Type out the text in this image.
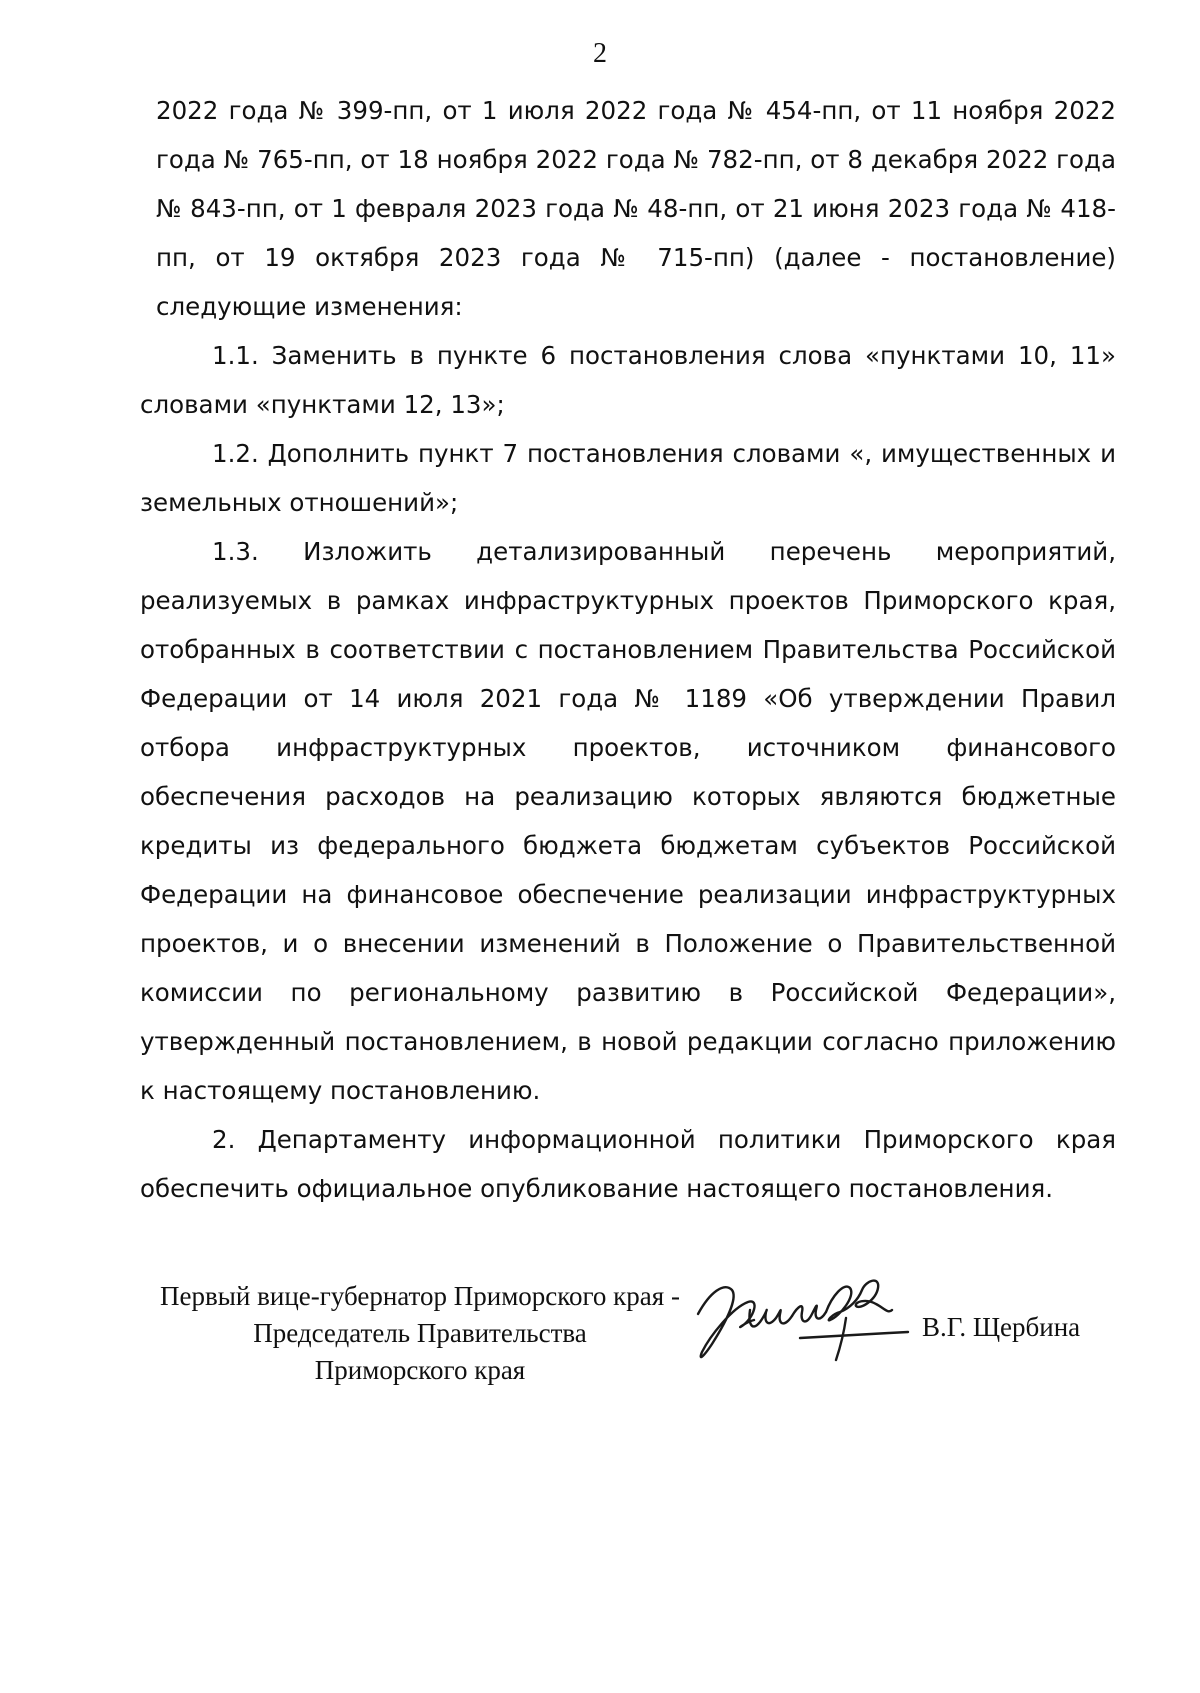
2

2022 года № 399-пп, от 1 июля 2022 года № 454-пп, от 11 ноября 2022 года № 765-пп, от 18 ноября 2022 года № 782-пп, от 8 декабря 2022 года № 843-пп, от 1 февраля 2023 года № 48-пп, от 21 июня 2023 года № 418-пп, от 19 октября 2023 года № 715-пп) (далее - постановление) следующие изменения:

1.1. Заменить в пункте 6 постановления слова «пунктами 10, 11» словами «пунктами 12, 13»;

1.2. Дополнить пункт 7 постановления словами «, имущественных и земельных отношений»;

1.3. Изложить детализированный перечень мероприятий, реализуемых в рамках инфраструктурных проектов Приморского края, отобранных в соответствии с постановлением Правительства Российской Федерации от 14 июля 2021 года № 1189 «Об утверждении Правил отбора инфраструктурных проектов, источником финансового обеспечения расходов на реализацию которых являются бюджетные кредиты из федерального бюджета бюджетам субъектов Российской Федерации на финансовое обеспечение реализации инфраструктурных проектов, и о внесении изменений в Положение о Правительственной комиссии по региональному развитию в Российской Федерации», утвержденный постановлением, в новой редакции согласно приложению к настоящему постановлению.

2. Департаменту информационной политики Приморского края обеспечить официальное опубликование настоящего постановления.

Первый вице-губернатор Приморского края -
Председатель Правительства
Приморского края
В.Г. Щербина
